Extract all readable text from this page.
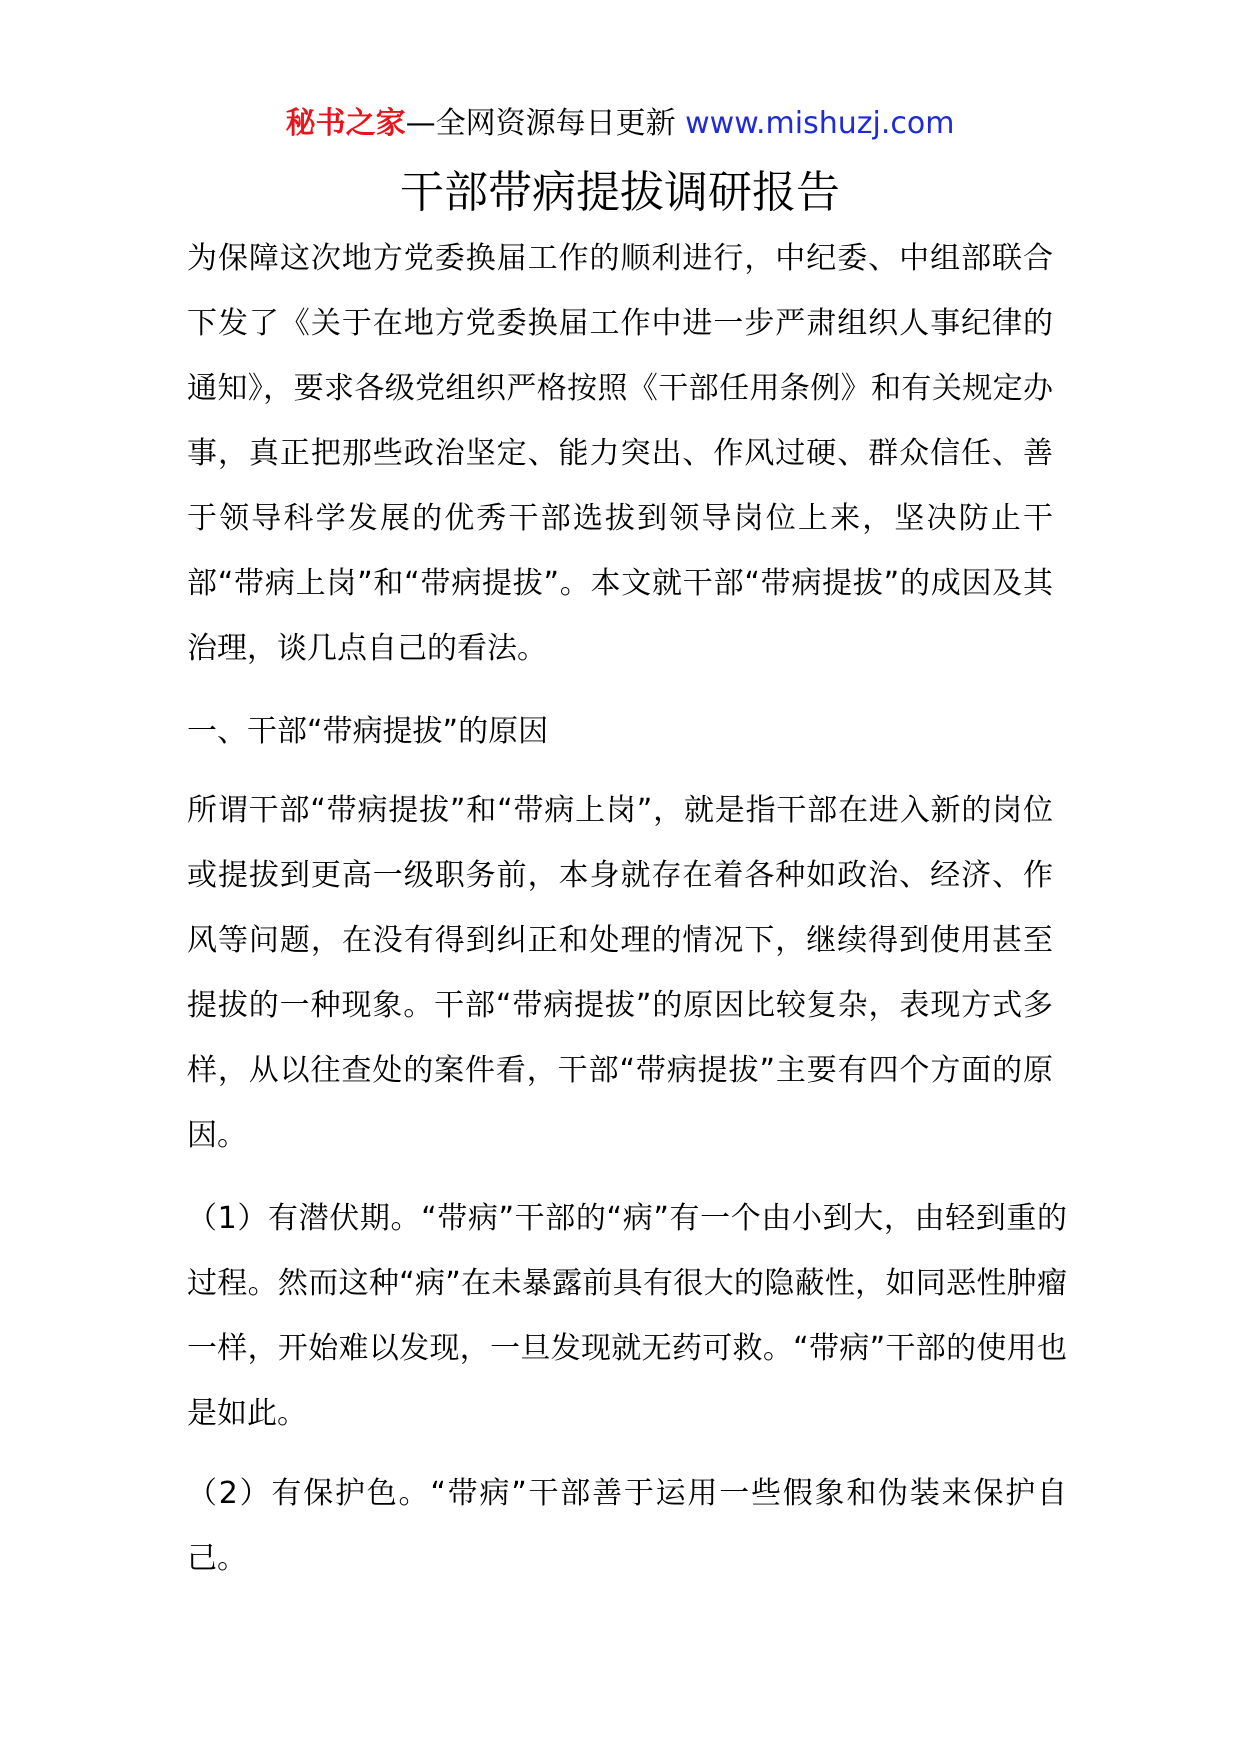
秘书之家—全网资源每日更新 www.mishuzj.com
干部带病提拔调研报告

为保障这次地方党委换届工作的顺利进行，中纪委、中组部联合下发了《关于在地方党委换届工作中进一步严肃组织人事纪律的通知》，要求各级党组织严格按照《干部任用条例》和有关规定办事，真正把那些政治坚定、能力突出、作风过硬、群众信任、善于领导科学发展的优秀干部选拔到领导岗位上来，坚决防止干部“带病上岗”和“带病提拔”。本文就干部“带病提拔”的成因及其治理，谈几点自己的看法。

一、干部“带病提拔”的原因

所谓干部“带病提拔”和“带病上岗”，就是指干部在进入新的岗位或提拔到更高一级职务前，本身就存在着各种如政治、经济、作风等问题，在没有得到纠正和处理的情况下，继续得到使用甚至提拔的一种现象。干部“带病提拔”的原因比较复杂，表现方式多样，从以往查处的案件看，干部“带病提拔”主要有四个方面的原因。

（1）有潜伏期。“带病”干部的“病”有一个由小到大，由轻到重的过程。然而这种“病”在未暴露前具有很大的隐蔽性，如同恶性肿瘤一样，开始难以发现，一旦发现就无药可救。“带病”干部的使用也是如此。

（2）有保护色。“带病”干部善于运用一些假象和伪装来保护自己。
